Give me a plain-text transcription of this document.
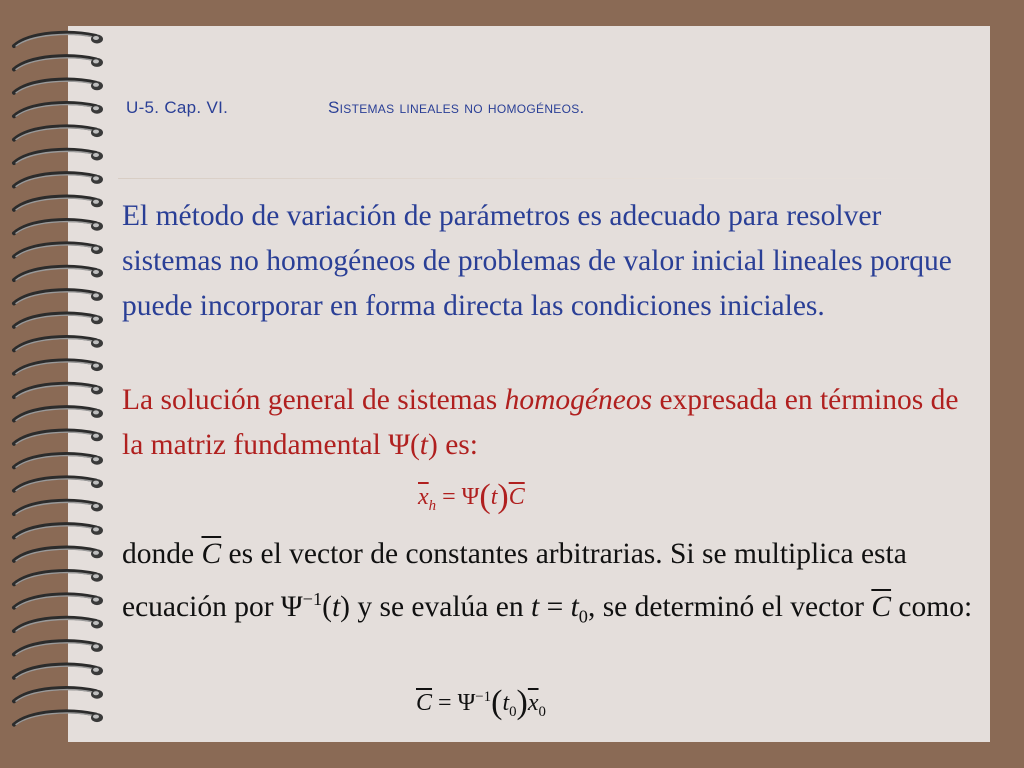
U-5. Cap. VI.	Sistemas lineales no homogéneos.
El método de variación de parámetros es adecuado para resolver sistemas no homogéneos de problemas de valor inicial lineales porque puede incorporar en forma directa las condiciones iniciales.
La solución general de sistemas homogéneos expresada en términos de la matriz fundamental Ψ(t) es:
$\overline{x}_h = \Psi(t)\overline{C}$
donde $\overline{C}$ es el vector de constantes arbitrarias. Si se multiplica esta ecuación por $\Psi^{-1}(t)$ y se evalúa en $t = t_0$, se determinó el vector $\overline{C}$ como:
$\overline{C} = \Psi^{-1}(t_0)\overline{x}_0$
